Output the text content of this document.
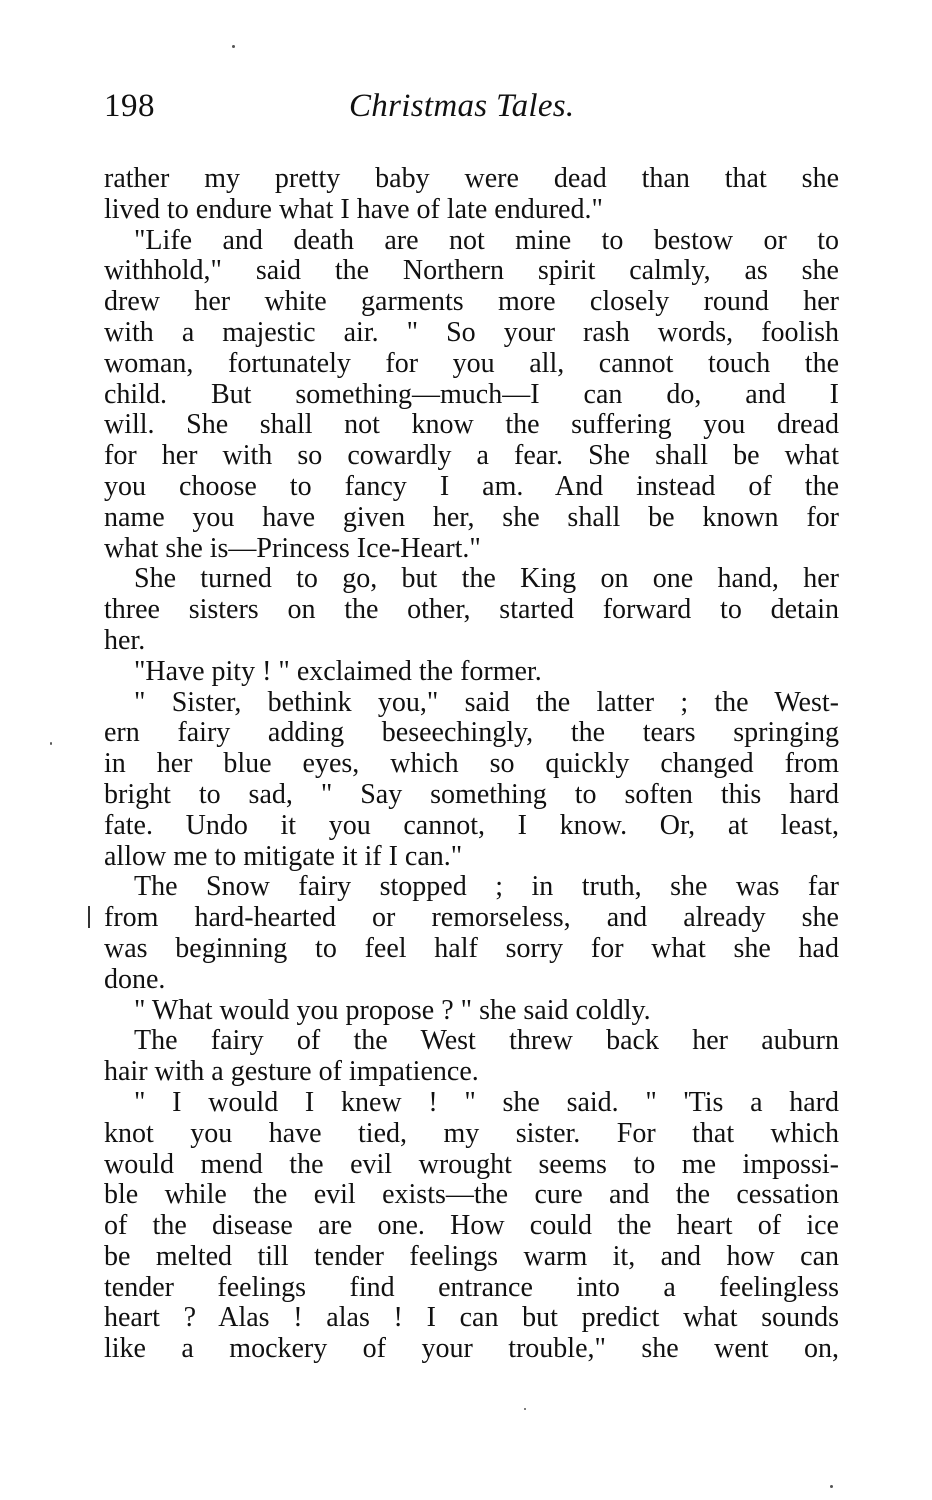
198	Christmas Tales.
rather my pretty baby were dead than that she
lived to endure what I have of late endured."
"Life and death are not mine to bestow or to
withhold," said the Northern spirit calmly, as she
drew her white garments more closely round her
with a majestic air. " So your rash words, foolish
woman, fortunately for you all, cannot touch the
child. But something—much—I can do, and I
will. She shall not know the suffering you dread
for her with so cowardly a fear. She shall be what
you choose to fancy I am. And instead of the
name you have given her, she shall be known for
what she is—Princess Ice-Heart."
She turned to go, but the King on one hand, her
three sisters on the other, started forward to detain
her.
"Have pity ! " exclaimed the former.
" Sister, bethink you," said the latter ; the West-
ern fairy adding beseechingly, the tears springing
in her blue eyes, which so quickly changed from
bright to sad, " Say something to soften this hard
fate. Undo it you cannot, I know. Or, at least,
allow me to mitigate it if I can."
The Snow fairy stopped ; in truth, she was far
from hard-hearted or remorseless, and already she
was beginning to feel half sorry for what she had
done.
" What would you propose ? " she said coldly.
The fairy of the West threw back her auburn
hair with a gesture of impatience.
" I would I knew ! " she said. " 'Tis a hard
knot you have tied, my sister. For that which
would mend the evil wrought seems to me impossi-
ble while the evil exists—the cure and the cessation
of the disease are one. How could the heart of ice
be melted till tender feelings warm it, and how can
tender feelings find entrance into a feelingless
heart ? Alas ! alas ! I can but predict what sounds
like a mockery of your trouble," she went on,
